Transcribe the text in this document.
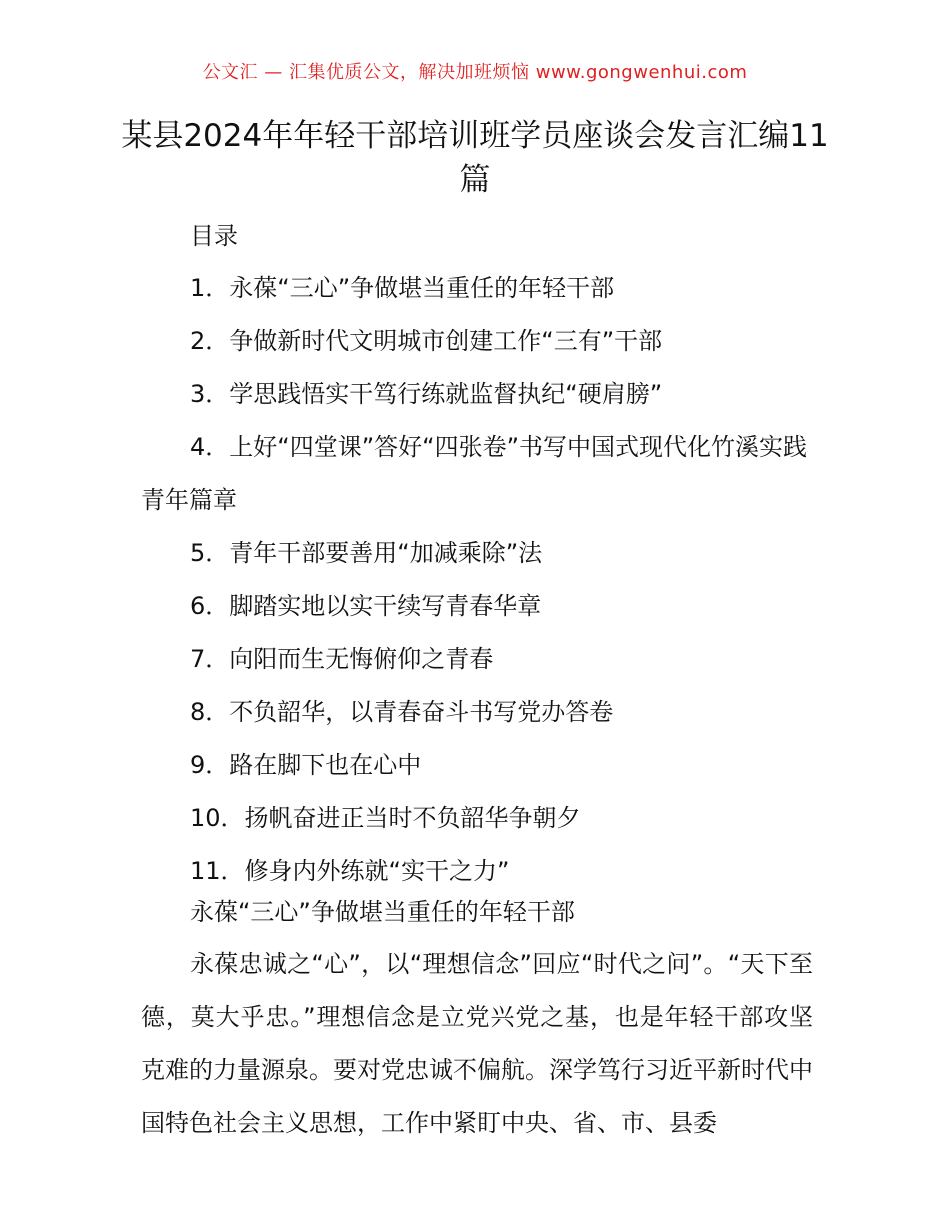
公文汇 — 汇集优质公文，解决加班烦恼 www.gongwenhui.com
某县2024年年轻干部培训班学员座谈会发言汇编11篇

目录

1．永葆“三心”争做堪当重任的年轻干部
2．争做新时代文明城市创建工作“三有”干部
3．学思践悟实干笃行练就监督执纪“硬肩膀”
4．上好“四堂课”答好“四张卷”书写中国式现代化竹溪实践青年篇章
5．青年干部要善用“加减乘除”法
6．脚踏实地以实干续写青春华章
7．向阳而生无悔俯仰之青春
8．不负韶华，以青春奋斗书写党办答卷
9．路在脚下也在心中
10．扬帆奋进正当时不负韶华争朝夕
11．修身内外练就“实干之力”

永葆“三心”争做堪当重任的年轻干部

永葆忠诚之“心”，以“理想信念”回应“时代之问”。“天下至德，莫大乎忠。”理想信念是立党兴党之基，也是年轻干部攻坚克难的力量源泉。要对党忠诚不偏航。深学笃行习近平新时代中国特色社会主义思想，工作中紧盯中央、省、市、县委
